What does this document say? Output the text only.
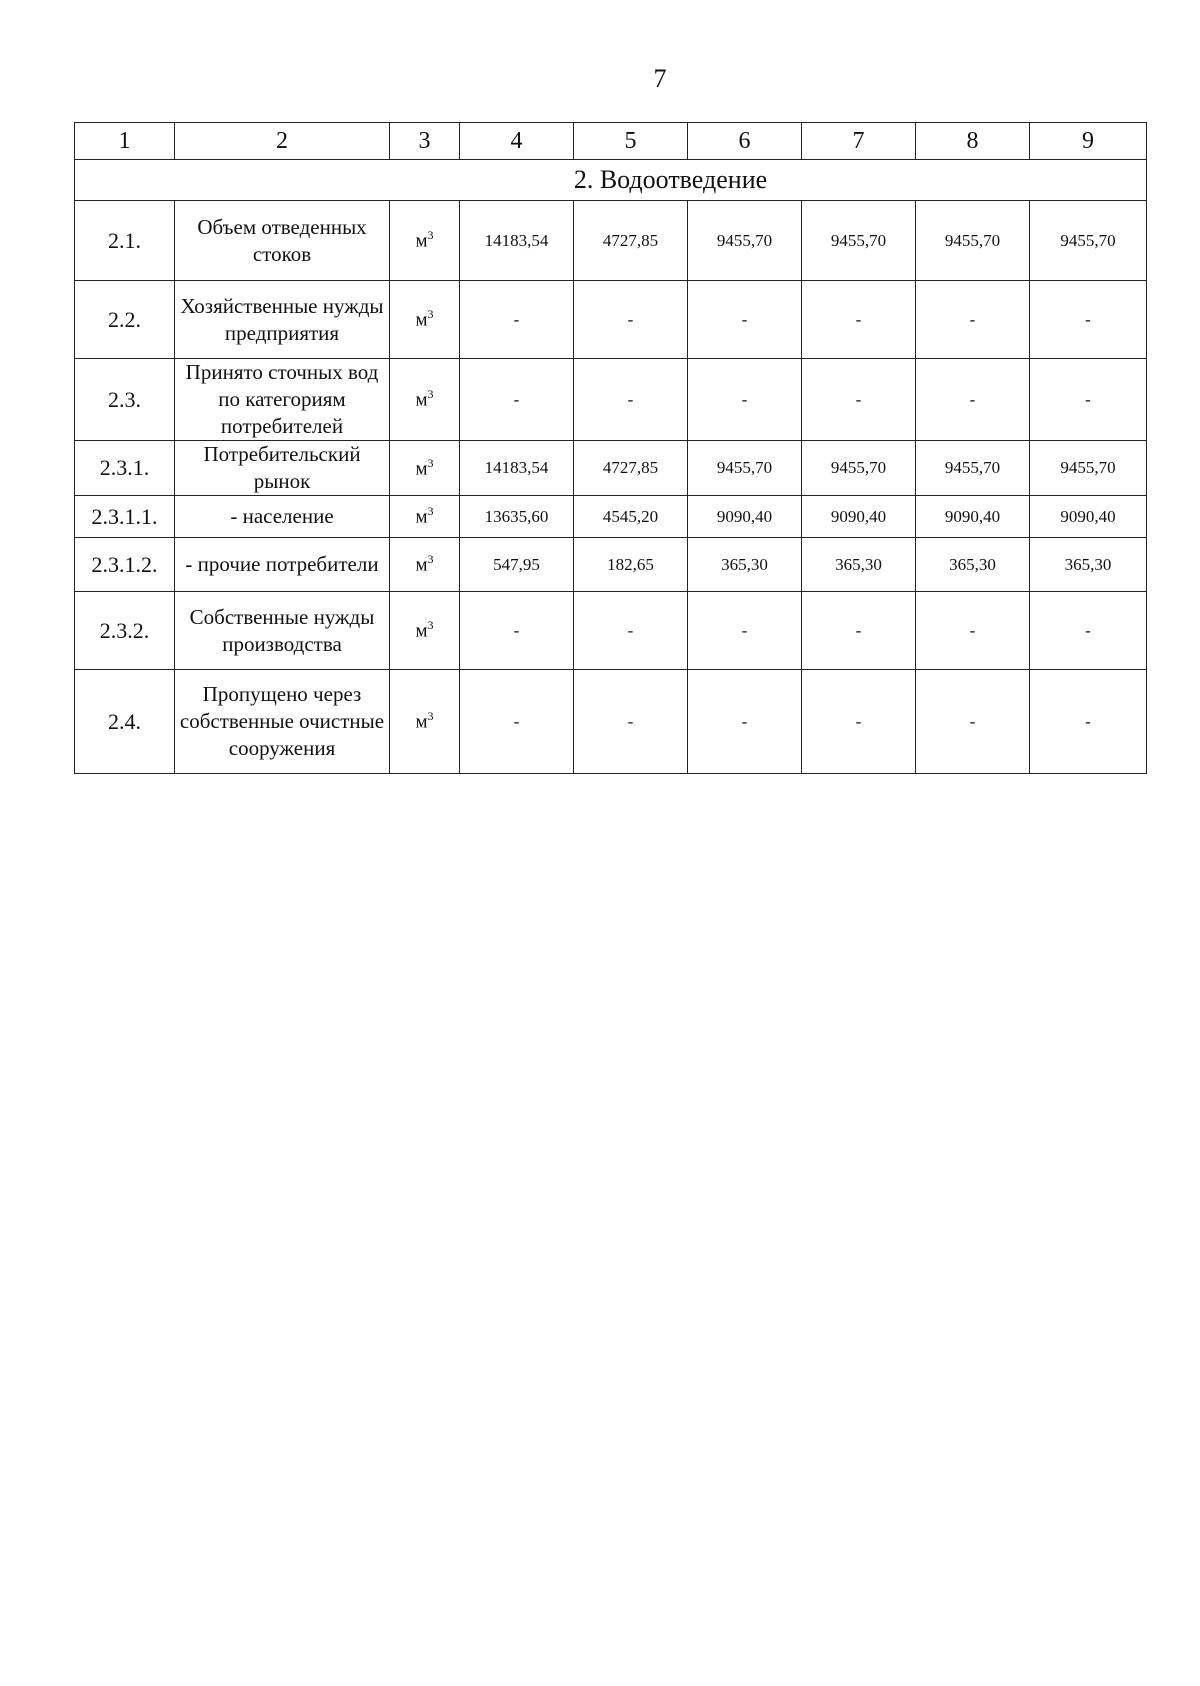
7
1	2	3	4	5	6	7	8	9
2. Водоотведение								
2.1.	Объем отведенных стоков	$м^3$	14183,54	4727,85	9455,70	9455,70	9455,70	9455,70
2.2.	Хозяйственные нужды предприятия	$м^3$	-	-	-	-	-	-
2.3.	Принято сточных вод по категориям потребителей	$м^3$	-	-	-	-	-	-
2.3.1.	Потребительский рынок	$м^3$	14183,54	4727,85	9455,70	9455,70	9455,70	9455,70
2.3.1.1.	- население	$м^3$	13635,60	4545,20	9090,40	9090,40	9090,40	9090,40
2.3.1.2.	- прочие потребители	$м^3$	547,95	182,65	365,30	365,30	365,30	365,30
2.3.2.	Собственные нужды производства	$м^3$	-	-	-	-	-	-
2.4.	Пропущено через собственные очистные сооружения	$м^3$	-	-	-	-	-	-
